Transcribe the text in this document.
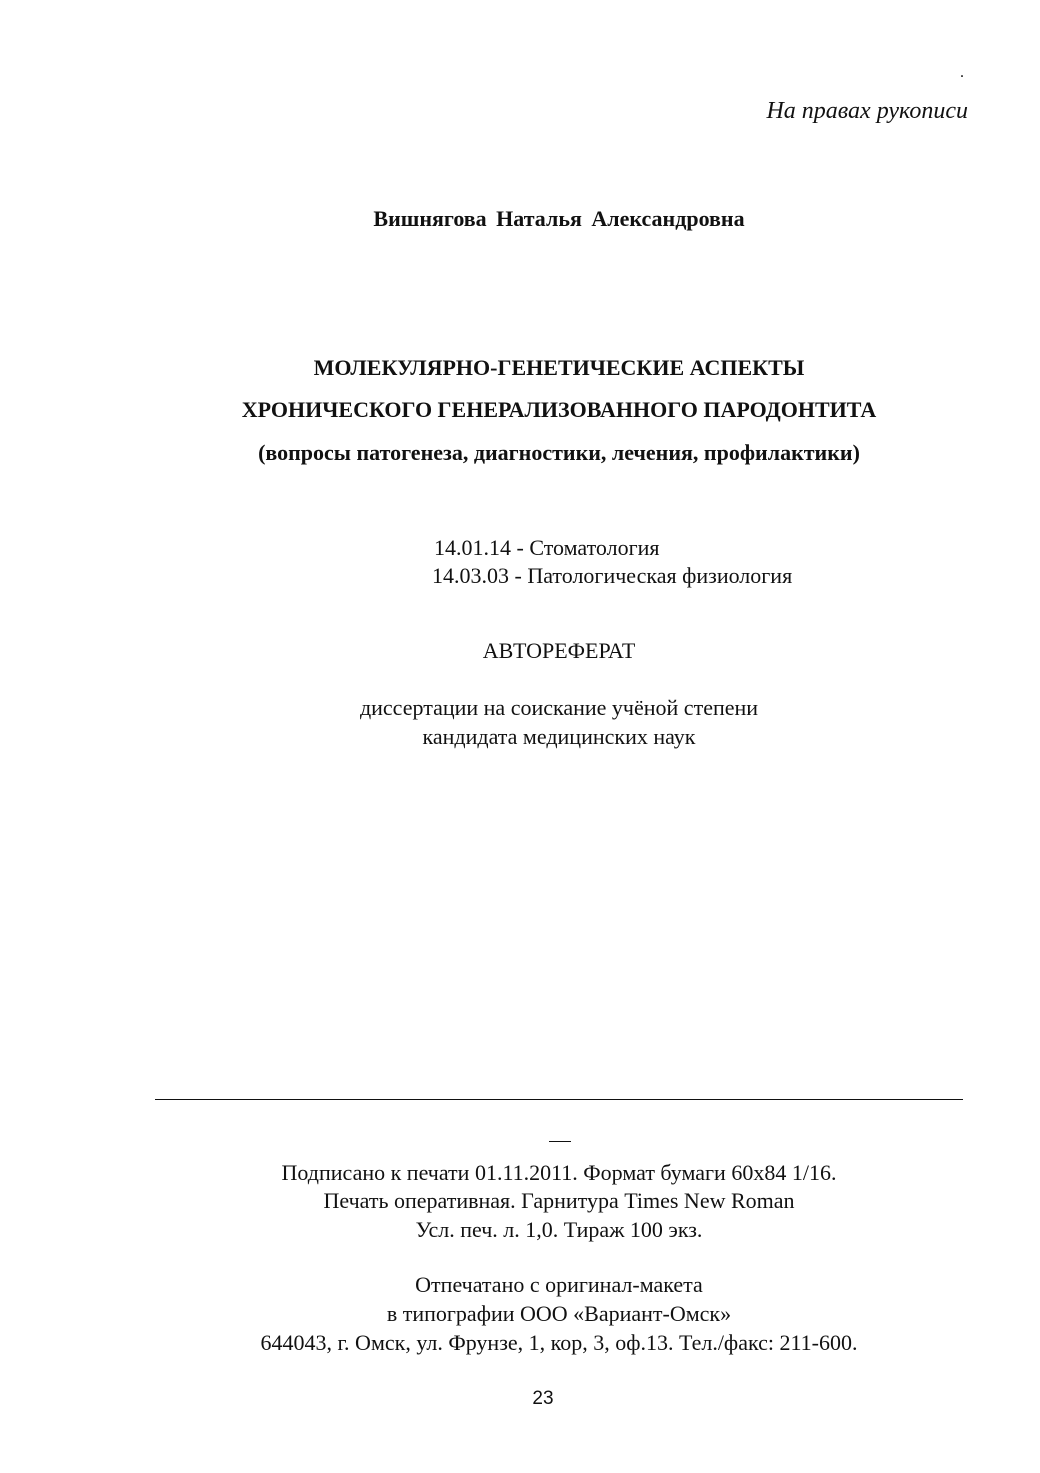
.
На правах рукописи
Вишнягова Наталья Александровна
МОЛЕКУЛЯРНО-ГЕНЕТИЧЕСКИЕ АСПЕКТЫ
ХРОНИЧЕСКОГО ГЕНЕРАЛИЗОВАННОГО ПАРОДОНТИТА
(вопросы патогенеза, диагностики, лечения, профилактики)
14.01.14 - Стоматология
14.03.03 - Патологическая физиология
АВТОРЕФЕРАТ
диссертации на соискание учёной степени
кандидата медицинских наук
Подписано к печати 01.11.2011. Формат бумаги 60х84 1/16.
Печать оперативная. Гарнитура Times New Roman
Усл. печ. л. 1,0. Тираж 100 экз.
Отпечатано с оригинал-макета
в типографии ООО «Вариант-Омск»
644043, г. Омск, ул. Фрунзе, 1, кор, 3, оф.13. Тел./факс: 211-600.
23
